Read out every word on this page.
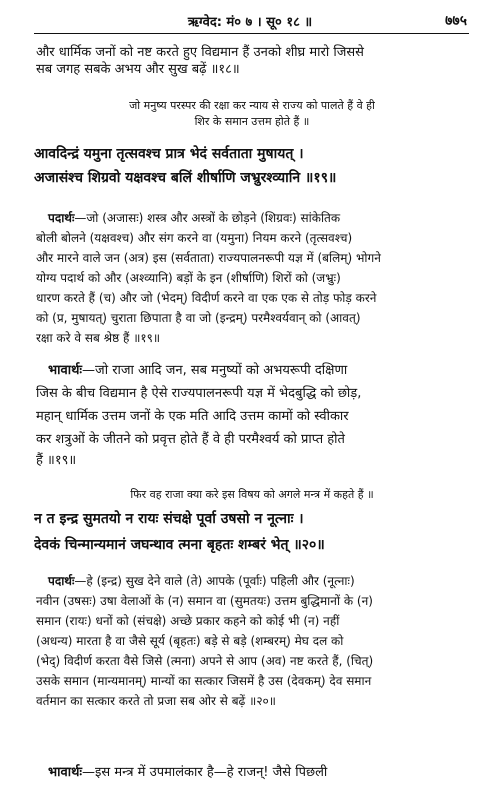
ऋग्वेद: मं० ७ । सू० १८ ॥	७७५
और धार्मिक जनों को नष्ट करते हुए विद्यमान हैं उनको शीघ्र मारो जिससे
सब जगह सबके अभय और सुख बढ़ें ॥१८॥
जो मनुष्य परस्पर की रक्षा कर न्याय से राज्य को पालते हैं वे ही
शिर के समान उत्तम होते हैं ॥
आवदिन्द्रं यमुना तृत्सवश्च प्रात्र भेदं सर्वताता मुषायत् ।
अजासंश्च शिग्रवो यक्षवश्च बलिं शीर्षाणि जभ्रुरश्व्यानि ॥१९॥
पदार्थः—जो (अजासः) शस्त्र और अस्त्रों के छोड़ने (शिग्रवः) सांकेतिक
बोली बोलने (यक्षवश्च) और संग करने वा (यमुना) नियम करने (तृत्सवश्च)
और मारने वाले जन (अत्र) इस (सर्वताता) राज्यपालनरूपी यज्ञ में (बलिम्) भोगने
योग्य पदार्थ को और (अश्व्यानि) बड़ों के इन (शीर्षाणि) शिरों को (जभ्रुः)
धारण करते हैं (च) और जो (भेदम्) विदीर्ण करने वा एक एक से तोड़ फोड़ करने
को (प्र, मुषायत्) चुराता छिपाता है वा जो (इन्द्रम्) परमैश्वर्यवान् को (आवत्)
रक्षा करे वे सब श्रेष्ठ हैं ॥१९॥
भावार्थः—जो राजा आदि जन, सब मनुष्यों को अभयरूपी दक्षिणा
जिस के बीच विद्यमान है ऐसे राज्यपालनरूपी यज्ञ में भेदबुद्धि को छोड़,
महान् धार्मिक उत्तम जनों के एक मति आदि उत्तम कामों को स्वीकार
कर शत्रुओं के जीतने को प्रवृत्त होते हैं वे ही परमैश्वर्य को प्राप्त होते
हैं ॥१९॥
फिर वह राजा क्या करे इस विषय को अगले मन्त्र में कहते हैं ॥
न त इन्द्र सुमतयो न रायः संचक्षे पूर्वा उषसो न नूत्नाः ।
देवकं चिन्मान्यमानं जघन्थाव त्मना बृहतः शम्बरं भेत् ॥२०॥
पदार्थः—हे (इन्द्र) सुख देने वाले (ते) आपके (पूर्वाः) पहिली और (नूत्नाः)
नवीन (उषसः) उषा वेलाओं के (न) समान वा (सुमतयः) उत्तम बुद्धिमानों के (न)
समान (रायः) धनों को (संचक्षे) अच्छे प्रकार कहने को कोई भी (न) नहीं
(अधन्य) मारता है वा जैसे सूर्य (बृहतः) बड़े से बड़े (शम्बरम्) मेघ दल को
(भेद्) विदीर्ण करता वैसे जिसे (त्मना) अपने से आप (अव) नष्ट करते हैं, (चित्)
उसके समान (मान्यमानम्) मान्यों का सत्कार जिसमें है उस (देवकम्) देव समान
वर्तमान का सत्कार करते तो प्रजा सब ओर से बढ़ें ॥२०॥
भावार्थः—इस मन्त्र में उपमालंकार है—हे राजन्! जैसे पिछली
